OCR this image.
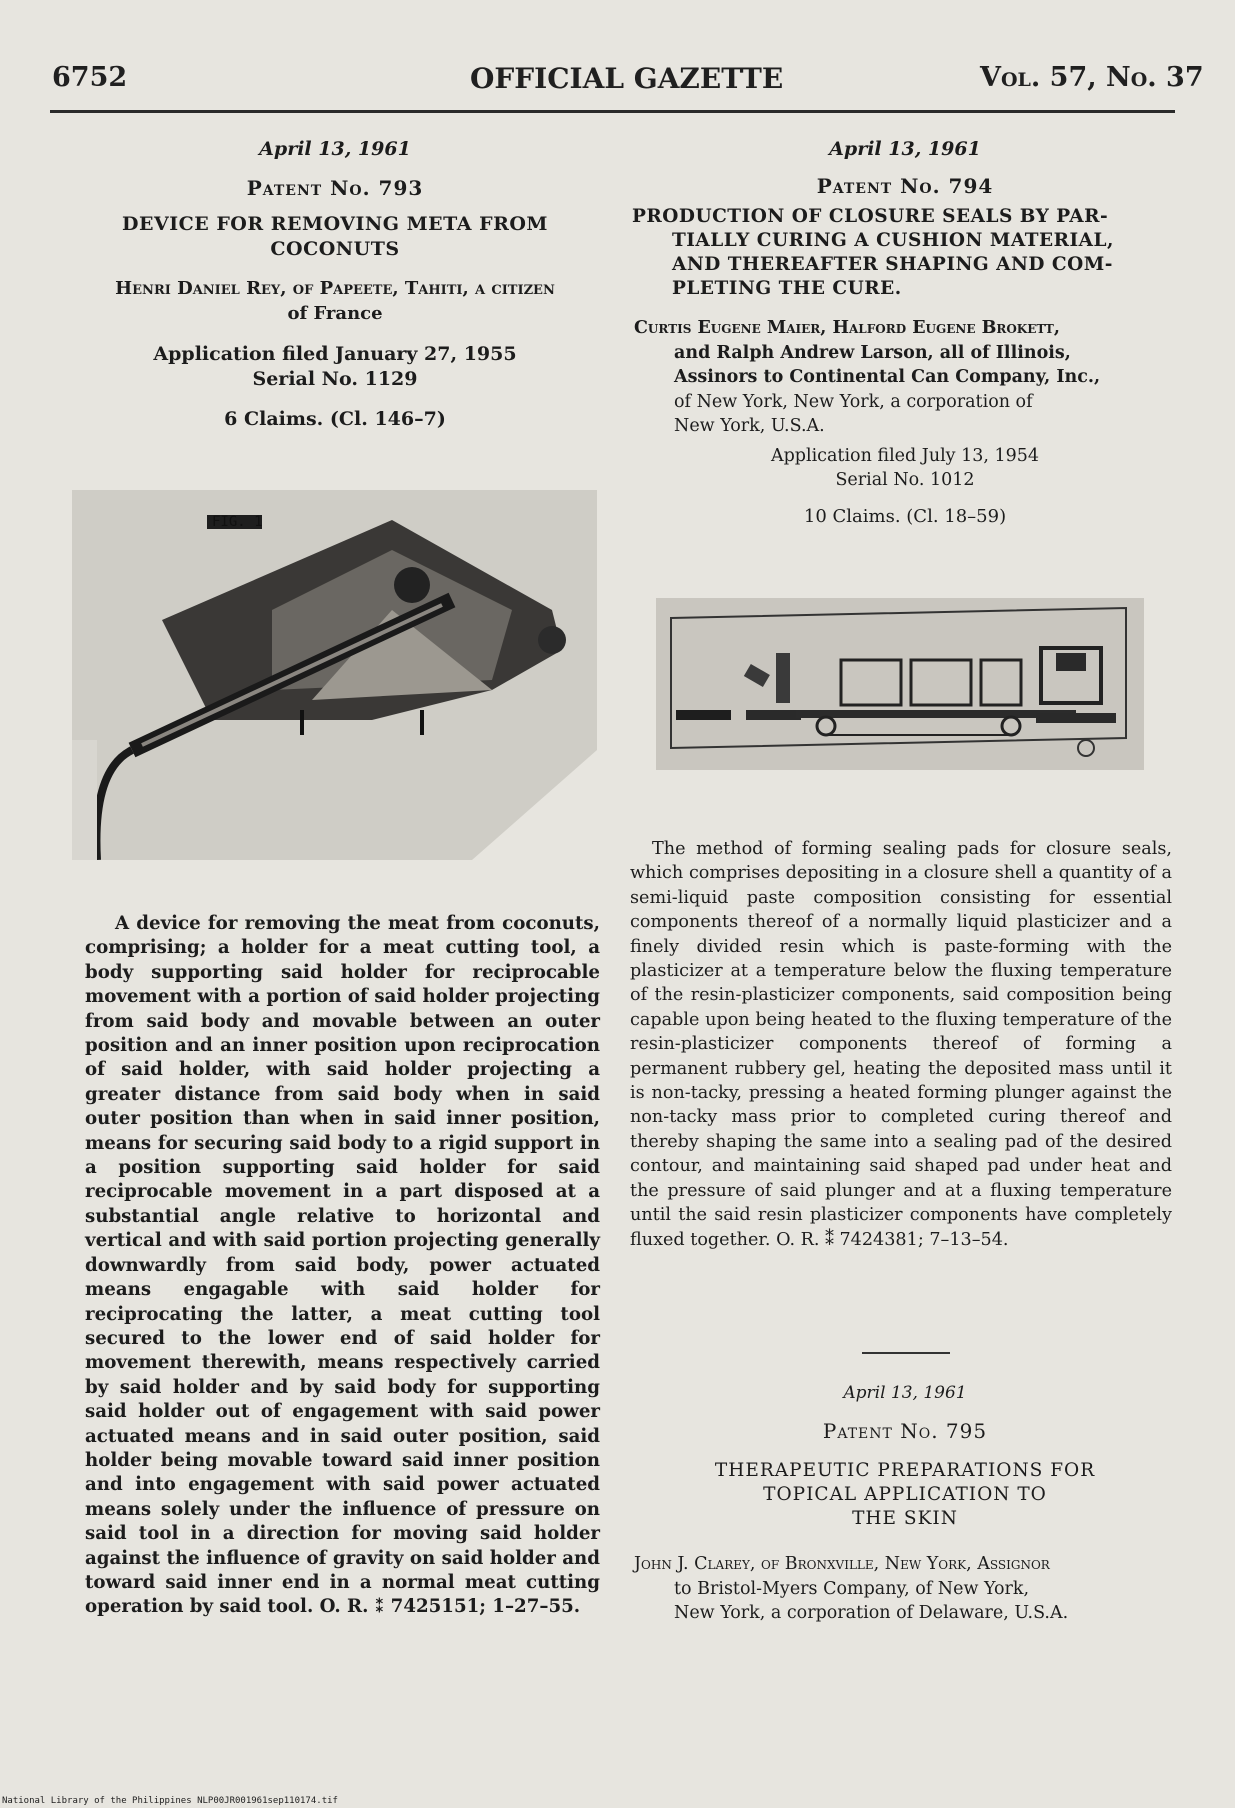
6752	OFFICIAL GAZETTE	Vol. 57, No. 37
April 13, 1961
Patent No. 793
DEVICE FOR REMOVING META FROM
COCONUTS
Henri Daniel Rey, of Papeete, Tahiti, a citizen
of France
Application filed January 27, 1955
Serial No. 1129
6 Claims. (Cl. 146–7)
FIG. 1
A device for removing the meat from coconuts, comprising; a holder for a meat cutting tool, a body supporting said holder for reciprocable movement with a portion of said holder projecting from said body and movable between an outer position and an inner position upon reciprocation of said holder, with said holder projecting a greater distance from said body when in said outer position than when in said inner position, means for securing said body to a rigid support in a position supporting said holder for said reciprocable movement in a part disposed at a substantial angle relative to horizontal and vertical and with said portion projecting generally downwardly from said body, power actuated means engagable with said holder for reciprocating the latter, a meat cutting tool secured to the lower end of said holder for movement therewith, means respectively carried by said holder and by said body for supporting said holder out of engagement with said power actuated means and in said outer position, said holder being movable toward said inner position and into engagement with said power actuated means solely under the influence of pressure on said tool in a direction for moving said holder against the influence of gravity on said holder and toward said inner end in a normal meat cutting operation by said tool. O. R. ⁑ 7425151; 1–27–55.
April 13, 1961
Patent No. 794
PRODUCTION OF CLOSURE SEALS BY PAR-
TIALLY CURING A CUSHION MATERIAL,
AND THEREAFTER SHAPING AND COM-
PLETING THE CURE.
Curtis Eugene Maier, Halford Eugene Brokett,
and Ralph Andrew Larson, all of Illinois,
Assinors to Continental Can Company, Inc.,
of New York, New York, a corporation of
New York, U.S.A.
Application filed July 13, 1954
Serial No. 1012
10 Claims. (Cl. 18–59)
The method of forming sealing pads for closure seals, which comprises depositing in a closure shell a quantity of a semi-liquid paste composition consisting for essential components thereof of a normally liquid plasticizer and a finely divided resin which is paste-forming with the plasticizer at a temperature below the fluxing temperature of the resin-plasticizer components, said composition being capable upon being heated to the fluxing temperature of the resin-plasticizer components thereof of forming a permanent rubbery gel, heating the deposited mass until it is non-tacky, pressing a heated forming plunger against the non-tacky mass prior to completed curing thereof and thereby shaping the same into a sealing pad of the desired contour, and maintaining said shaped pad under heat and the pressure of said plunger and at a fluxing temperature until the said resin plasticizer components have completely fluxed together. O. R. ⁑ 7424381; 7–13–54.
April 13, 1961
Patent No. 795
THERAPEUTIC PREPARATIONS FOR
TOPICAL APPLICATION TO
THE SKIN
John J. Clarey, of Bronxville, New York, Assignor
to Bristol-Myers Company, of New York,
New York, a corporation of Delaware, U.S.A.
National Library of the Philippines NLP00JR001961sep110174.tif
